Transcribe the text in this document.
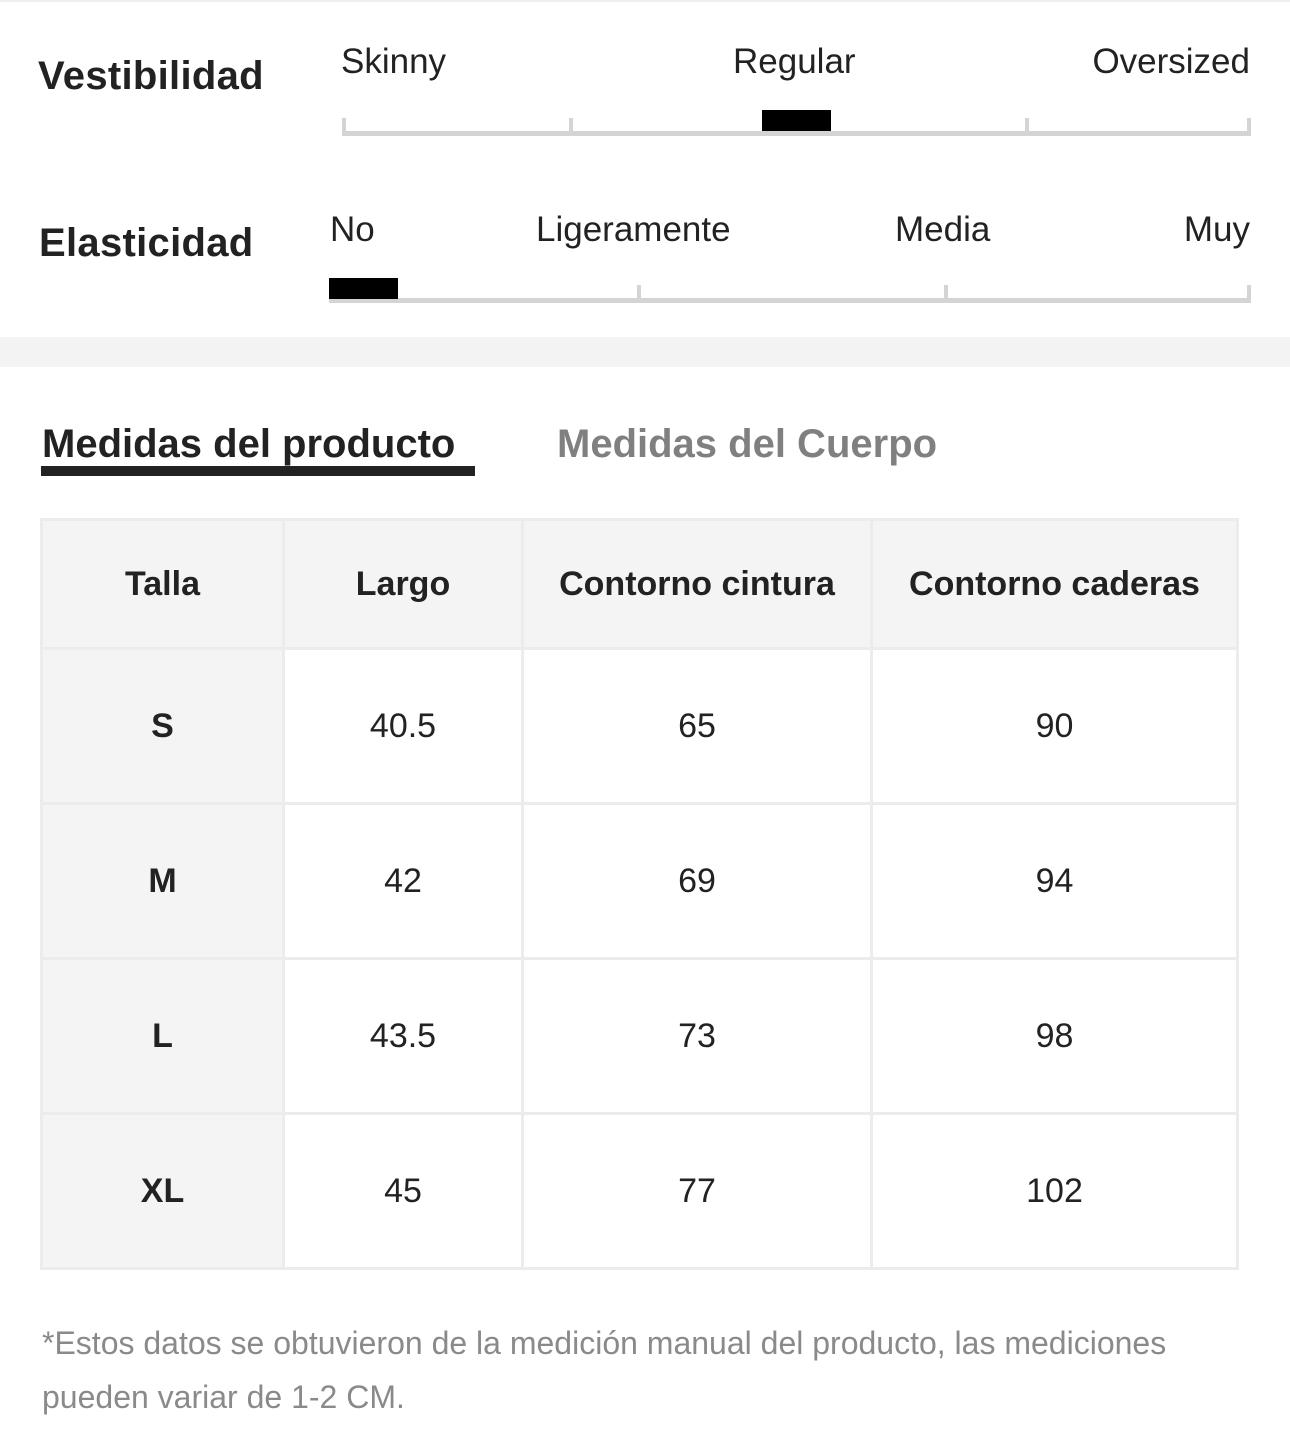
Vestibilidad Skinny	Regular	Oversized
Elasticidad No	Ligeramente	Media	Muy
Medidas del producto	Medidas del Cuerpo
Talla	Largo	Contorno cintura	Contorno caderas
S	40.5	65	90
M	42	69	94
L	43.5	73	98
XL	45	77	102
*Estos datos se obtuvieron de la medición manual del producto, las mediciones pueden variar de 1-2 CM.
